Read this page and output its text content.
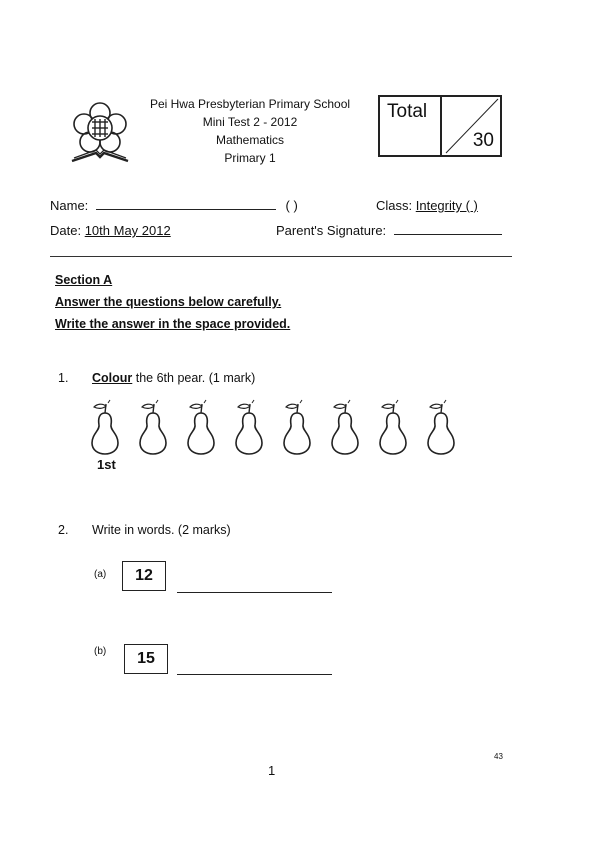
Pei Hwa Presbyterian Primary School
Mini Test 2 - 2012
Mathematics
Primary 1
Total
30
Name:	( )	Class: Integrity ( )
Date: 10th May 2012	Parent's Signature:
Section A
Answer the questions below carefully.
Write the answer in the space provided.
1. Colour the 6th pear. (1 mark)
1st
2. Write in words. (2 marks)
(a)	12
(b)	15
1
43
